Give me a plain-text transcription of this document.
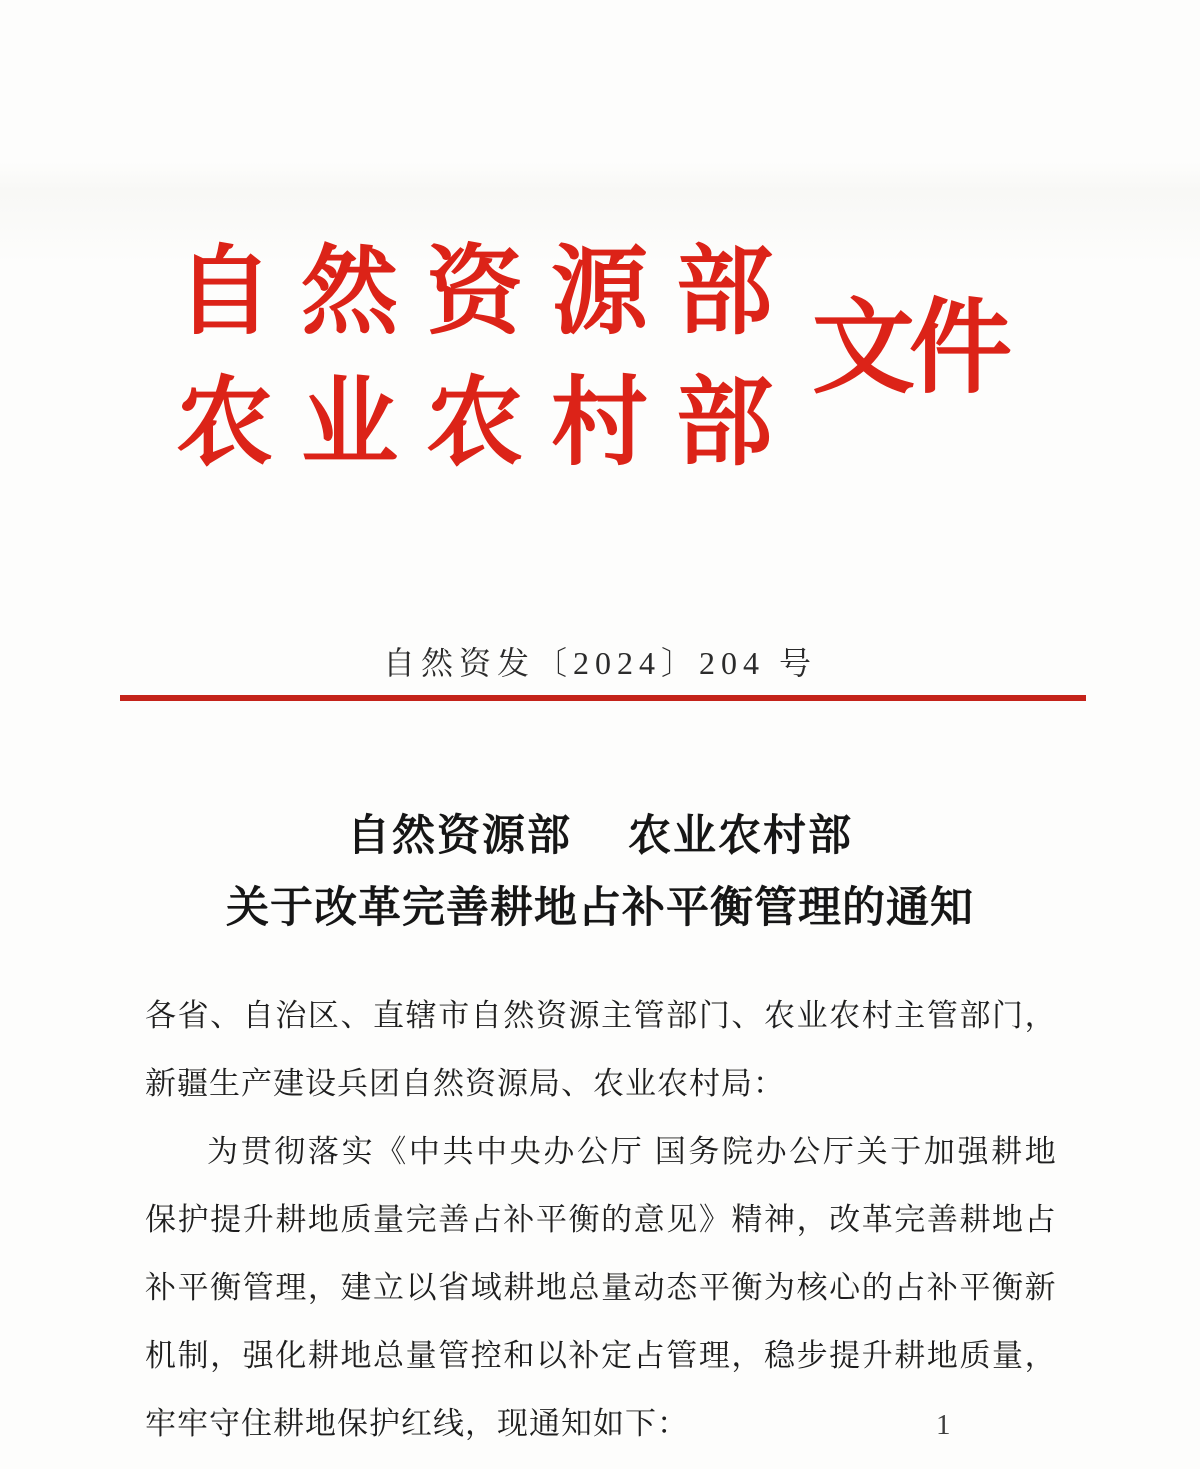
自 然 资 源 部
农 业 农 村 部
文件
自然资发〔2024〕204 号
自然资源部 农业农村部
关于改革完善耕地占补平衡管理的通知
各 省 、 自 治 区 、 直 辖 市 自 然 资 源 主 管 部 门 、 农 业 农 村 主 管 部 门 ，
新疆生产建设兵团自然资源局、农业农村局：
为 贯 彻 落 实 《 中 共 中 央 办 公 厅
国 务 院 办 公 厅 关 于 加 强 耕 地
保 护 提 升 耕 地 质 量 完 善 占 补 平 衡 的 意 见 》 精 神 ， 改 革 完 善 耕 地 占
补 平 衡 管 理 ， 建 立 以 省 域 耕 地 总 量 动 态 平 衡 为 核 心 的 占 补 平 衡 新
机 制 ， 强 化 耕 地 总 量 管 控 和 以 补 定 占 管 理 ， 稳 步 提 升 耕 地 质 量 ，
牢牢守住耕地保护红线，现通知如下：	1
